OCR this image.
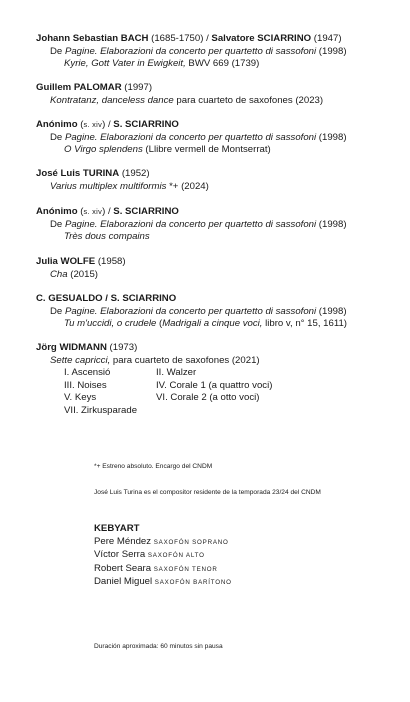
Johann Sebastian BACH (1685-1750) / Salvatore SCIARRINO (1947)
De Pagine. Elaborazioni da concerto per quartetto di sassofoni (1998)
Kyrie, Gott Vater in Ewigkeit, BWV 669 (1739)
Guillem PALOMAR (1997)
Kontratanz, danceless dance para cuarteto de saxofones (2023)
Anónimo (s. xiv) / S. SCIARRINO
De Pagine. Elaborazioni da concerto per quartetto di sassofoni (1998)
O Virgo splendens (Llibre vermell de Montserrat)
José Luis TURINA (1952)
Varius multiplex multiformis *+ (2024)
Anónimo (s. xiv) / S. SCIARRINO
De Pagine. Elaborazioni da concerto per quartetto di sassofoni (1998)
Très dous compains
Julia WOLFE (1958)
Cha (2015)
C. GESUALDO / S. SCIARRINO
De Pagine. Elaborazioni da concerto per quartetto di sassofoni (1998)
Tu m'uccidi, o crudele (Madrigali a cinque voci, libro v, n° 15, 1611)
Jörg WIDMANN (1973)
Sette capricci, para cuarteto de saxofones (2021)
I. Ascensió	II. Walzer
III. Noises	IV. Corale 1 (a quattro voci)
V. Keys	VI. Corale 2 (a otto voci)
VII. Zirkusparade
*+ Estreno absoluto. Encargo del CNDM
José Luis Turina es el compositor residente de la temporada 23/24 del CNDM
KEBYART
Pere Méndez SAXOFÓN SOPRANO
Víctor Serra SAXOFÓN ALTO
Robert Seara SAXOFÓN TENOR
Daniel Miguel SAXOFÓN BARÍTONO
Duración aproximada: 60 minutos sin pausa
